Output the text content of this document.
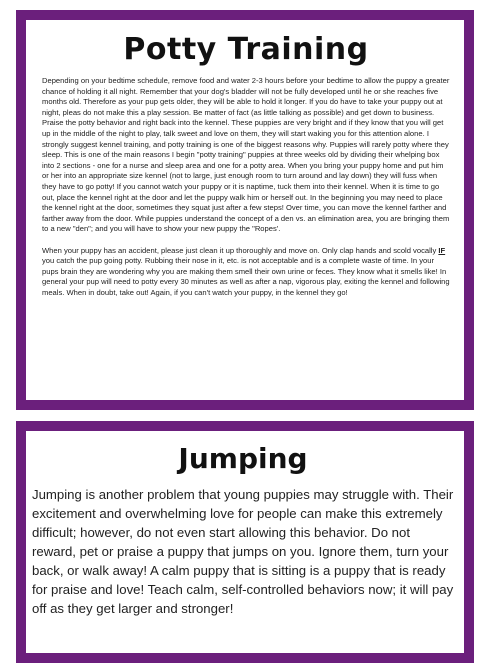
Potty Training

Depending on your bedtime schedule, remove food and water 2-3 hours before your bedtime to allow the puppy a greater chance of holding it all night. Remember that your dog's bladder will not be fully developed until he or she reaches five months old. Therefore as your pup gets older, they will be able to hold it longer. If you do have to take your puppy out at night, pleas do not make this a play session. Be matter of fact (as little talking as possible) and get down to business. Praise the potty behavior and right back into the kennel. These puppies are very bright and if they know that you will get up in the middle of the night to play, talk sweet and love on them, they will start waking you for this attention alone. I strongly suggest kennel training, and potty training is one of the biggest reasons why. Puppies will rarely potty where they sleep. This is one of the main reasons I begin "potty training" puppies at three weeks old by dividing their whelping box into 2 sections - one for a nurse and sleep area and one for a potty area. When you bring your puppy home and put him or her into an appropriate size kennel (not to large, just enough room to turn around and lay down) they will fuss when they have to go potty! If you cannot watch your puppy or it is naptime, tuck them into their kennel. When it is time to go out, place the kennel right at the door and let the puppy walk him or herself out. In the beginning you may need to place the kennel right at the door, sometimes they squat just after a few steps! Over time, you can move the kennel farther and farther away from the door. While puppies understand the concept of a den vs. an elimination area, you are bringing them to a new "den"; and you will have to show your new puppy the "Ropes'.

When your puppy has an accident, please just clean it up thoroughly and move on. Only clap hands and scold vocally IF you catch the pup going potty. Rubbing their nose in it, etc. is not acceptable and is a complete waste of time. In your pups brain they are wondering why you are making them smell their own urine or feces. They know what it smells like! In general your pup will need to potty every 30 minutes as well as after a nap, vigorous play, exiting the kennel and following meals. When in doubt, take out! Again, if you can't watch your puppy, in the kennel they go!

Jumping

Jumping is another problem that young puppies may struggle with. Their excitement and overwhelming love for people can make this extremely difficult; however, do not even start allowing this behavior. Do not reward, pet or praise a puppy that jumps on you. Ignore them, turn your back, or walk away! A calm puppy that is sitting is a puppy that is ready for praise and love! Teach calm, self-controlled behaviors now; it will pay off as they get larger and stronger!
